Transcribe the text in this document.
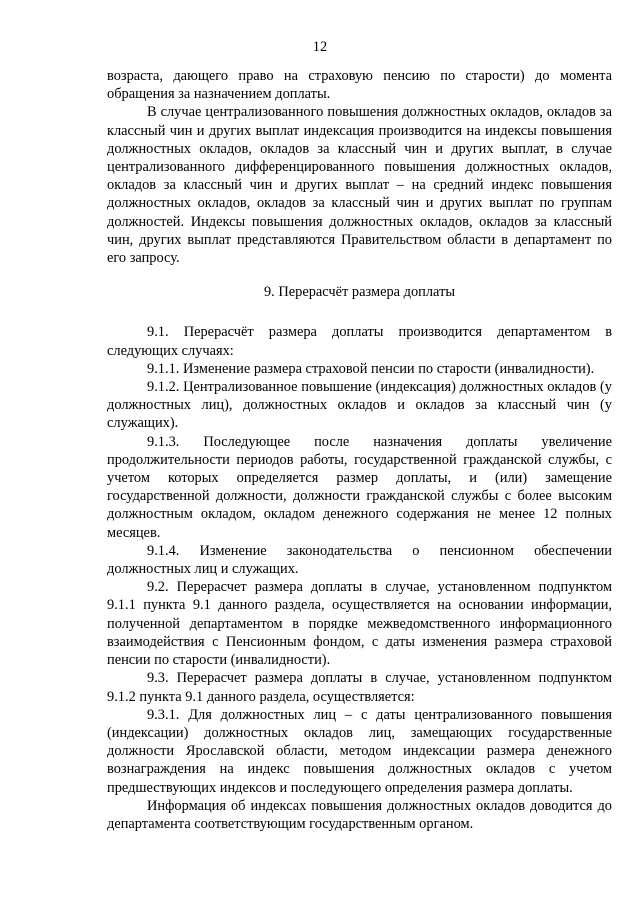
12

возраста, дающего право на страховую пенсию по старости) до момента обращения за назначением доплаты.

В случае централизованного повышения должностных окладов, окладов за классный чин и других выплат индексация производится на индексы повышения должностных окладов, окладов за классный чин и других выплат, в случае централизованного дифференцированного повышения должностных окладов, окладов за классный чин и других выплат – на средний индекс повышения должностных окладов, окладов за классный чин и других выплат по группам должностей. Индексы повышения должностных окладов, окладов за классный чин, других выплат представляются Правительством области в департамент по его запросу.

9. Перерасчёт размера доплаты

9.1. Перерасчёт размера доплаты производится департаментом в следующих случаях:

9.1.1. Изменение размера страховой пенсии по старости (инвалидности).

9.1.2. Централизованное повышение (индексация) должностных окладов (у должностных лиц), должностных окладов и окладов за классный чин (у служащих).

9.1.3. Последующее после назначения доплаты увеличение продолжительности периодов работы, государственной гражданской службы, с учетом которых определяется размер доплаты, и (или) замещение государственной должности, должности гражданской службы с более высоким должностным окладом, окладом денежного содержания не менее 12 полных месяцев.

9.1.4. Изменение законодательства о пенсионном обеспечении должностных лиц и служащих.

9.2. Перерасчет размера доплаты в случае, установленном подпунктом 9.1.1 пункта 9.1 данного раздела, осуществляется на основании информации, полученной департаментом в порядке межведомственного информационного взаимодействия с Пенсионным фондом, с даты изменения размера страховой пенсии по старости (инвалидности).

9.3. Перерасчет размера доплаты в случае, установленном подпунктом 9.1.2 пункта 9.1 данного раздела, осуществляется:

9.3.1. Для должностных лиц – с даты централизованного повышения (индексации) должностных окладов лиц, замещающих государственные должности Ярославской области, методом индексации размера денежного вознаграждения на индекс повышения должностных окладов с учетом предшествующих индексов и последующего определения размера доплаты.

Информация об индексах повышения должностных окладов доводится до департамента соответствующим государственным органом.
